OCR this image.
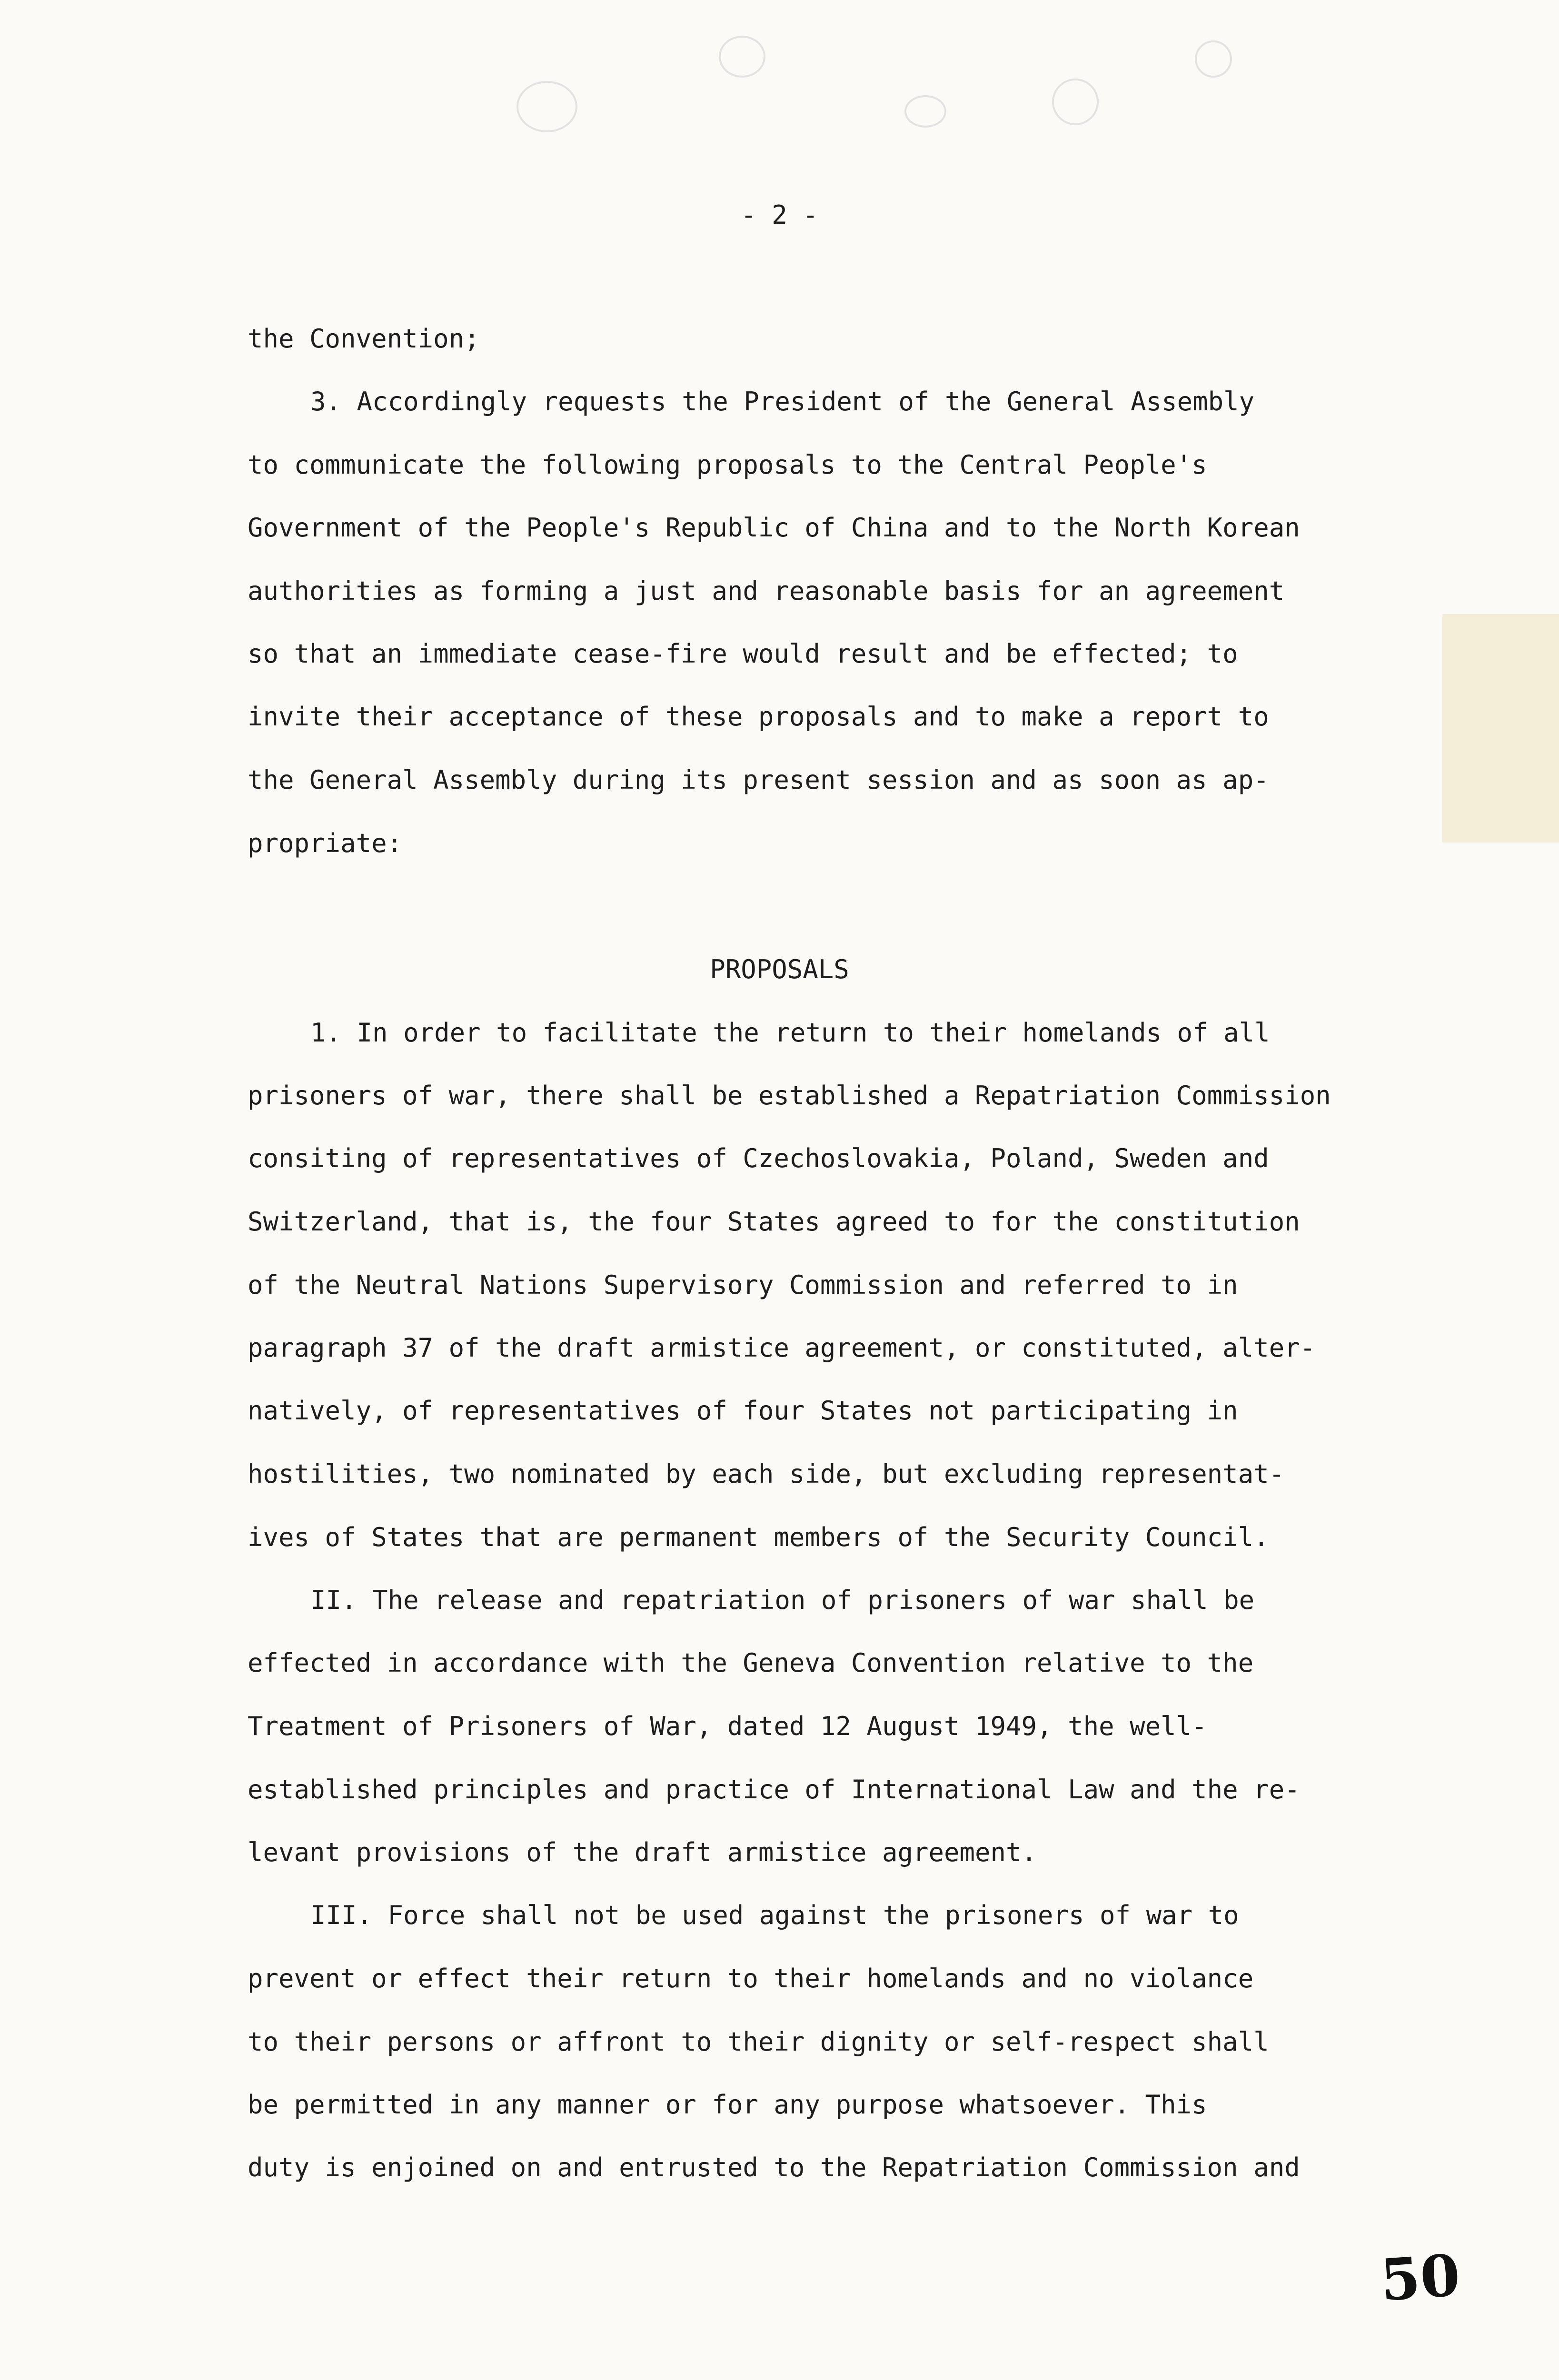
- 2 -
the Convention;
3. Accordingly requests the President of the General Assembly
to communicate the following proposals to the Central People's
Government of the People's Republic of China and to the North Korean
authorities as forming a just and reasonable basis for an agreement
so that an immediate cease-fire would result and be effected; to
invite their acceptance of these proposals and to make a report to
the General Assembly during its present session and as soon as ap-
propriate:
PROPOSALS
1. In order to facilitate the return to their homelands of all
prisoners of war, there shall be established a Repatriation Commission
consiting of representatives of Czechoslovakia, Poland, Sweden and
Switzerland, that is, the four States agreed to for the constitution
of the Neutral Nations Supervisory Commission and referred to in
paragraph 37 of the draft armistice agreement, or constituted, alter-
natively, of representatives of four States not participating in
hostilities, two nominated by each side, but excluding representat-
ives of States that are permanent members of the Security Council.
II. The release and repatriation of prisoners of war shall be
effected in accordance with the Geneva Convention relative to the
Treatment of Prisoners of War, dated 12 August 1949, the well-
established principles and practice of International Law and the re-
levant provisions of the draft armistice agreement.
III. Force shall not be used against the prisoners of war to
prevent or effect their return to their homelands and no violance
to their persons or affront to their dignity or self-respect shall
be permitted in any manner or for any purpose whatsoever. This
duty is enjoined on and entrusted to the Repatriation Commission and
50
